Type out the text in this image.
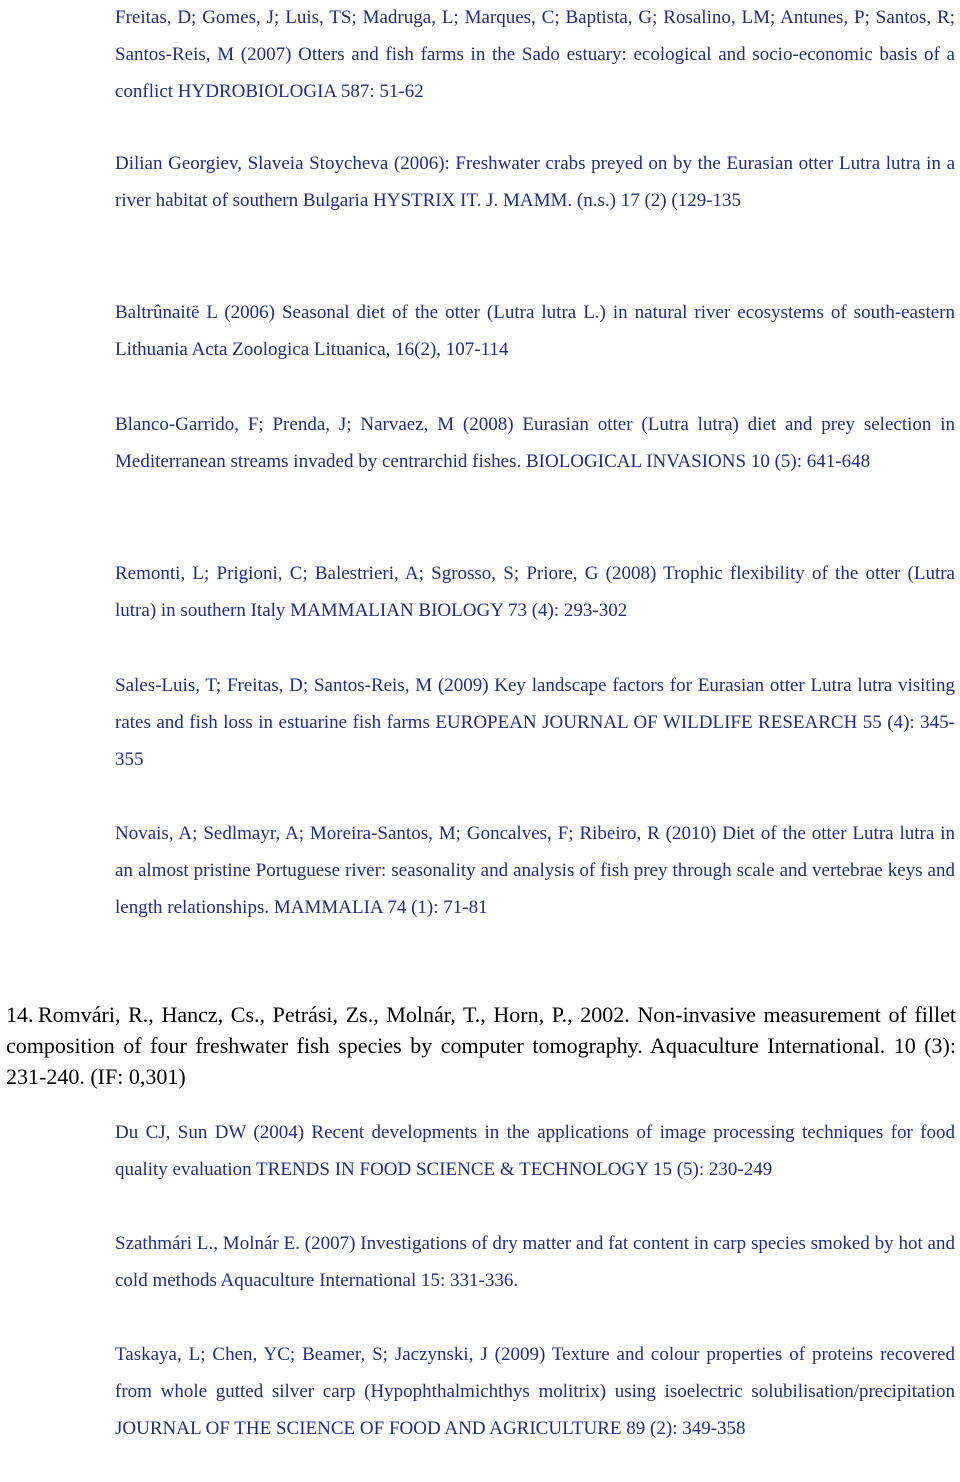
Freitas, D; Gomes, J; Luis, TS; Madruga, L; Marques, C; Baptista, G; Rosalino, LM; Antunes, P; Santos, R; Santos-Reis, M (2007) Otters and fish farms in the Sado estuary: ecological and socio-economic basis of a conflict HYDROBIOLOGIA 587: 51-62

Dilian Georgiev, Slaveia Stoycheva (2006): Freshwater crabs preyed on by the Eurasian otter Lutra lutra in a river habitat of southern Bulgaria HYSTRIX IT. J. MAMM. (n.s.) 17 (2) (129-135

Baltrûnaitë L (2006) Seasonal diet of the otter (Lutra lutra L.) in natural river ecosystems of south-eastern Lithuania Acta Zoologica Lituanica, 16(2), 107-114

Blanco-Garrido, F; Prenda, J; Narvaez, M (2008) Eurasian otter (Lutra lutra) diet and prey selection in Mediterranean streams invaded by centrarchid fishes. BIOLOGICAL INVASIONS 10 (5): 641-648

Remonti, L; Prigioni, C; Balestrieri, A; Sgrosso, S; Priore, G (2008) Trophic flexibility of the otter (Lutra lutra) in southern Italy MAMMALIAN BIOLOGY 73 (4): 293-302

Sales-Luis, T; Freitas, D; Santos-Reis, M (2009) Key landscape factors for Eurasian otter Lutra lutra visiting rates and fish loss in estuarine fish farms EUROPEAN JOURNAL OF WILDLIFE RESEARCH 55 (4): 345-355

Novais, A; Sedlmayr, A; Moreira-Santos, M; Goncalves, F; Ribeiro, R (2010) Diet of the otter Lutra lutra in an almost pristine Portuguese river: seasonality and analysis of fish prey through scale and vertebrae keys and length relationships. MAMMALIA 74 (1): 71-81

14. Romvári, R., Hancz, Cs., Petrási, Zs., Molnár, T., Horn, P., 2002. Non-invasive measurement of fillet composition of four freshwater fish species by computer tomography. Aquaculture International. 10 (3): 231-240. (IF: 0,301)

Du CJ, Sun DW (2004) Recent developments in the applications of image processing techniques for food quality evaluation TRENDS IN FOOD SCIENCE & TECHNOLOGY 15 (5): 230-249

Szathmári L., Molnár E. (2007) Investigations of dry matter and fat content in carp species smoked by hot and cold methods Aquaculture International 15: 331-336.

Taskaya, L; Chen, YC; Beamer, S; Jaczynski, J (2009) Texture and colour properties of proteins recovered from whole gutted silver carp (Hypophthalmichthys molitrix) using isoelectric solubilisation/precipitation JOURNAL OF THE SCIENCE OF FOOD AND AGRICULTURE 89 (2): 349-358
